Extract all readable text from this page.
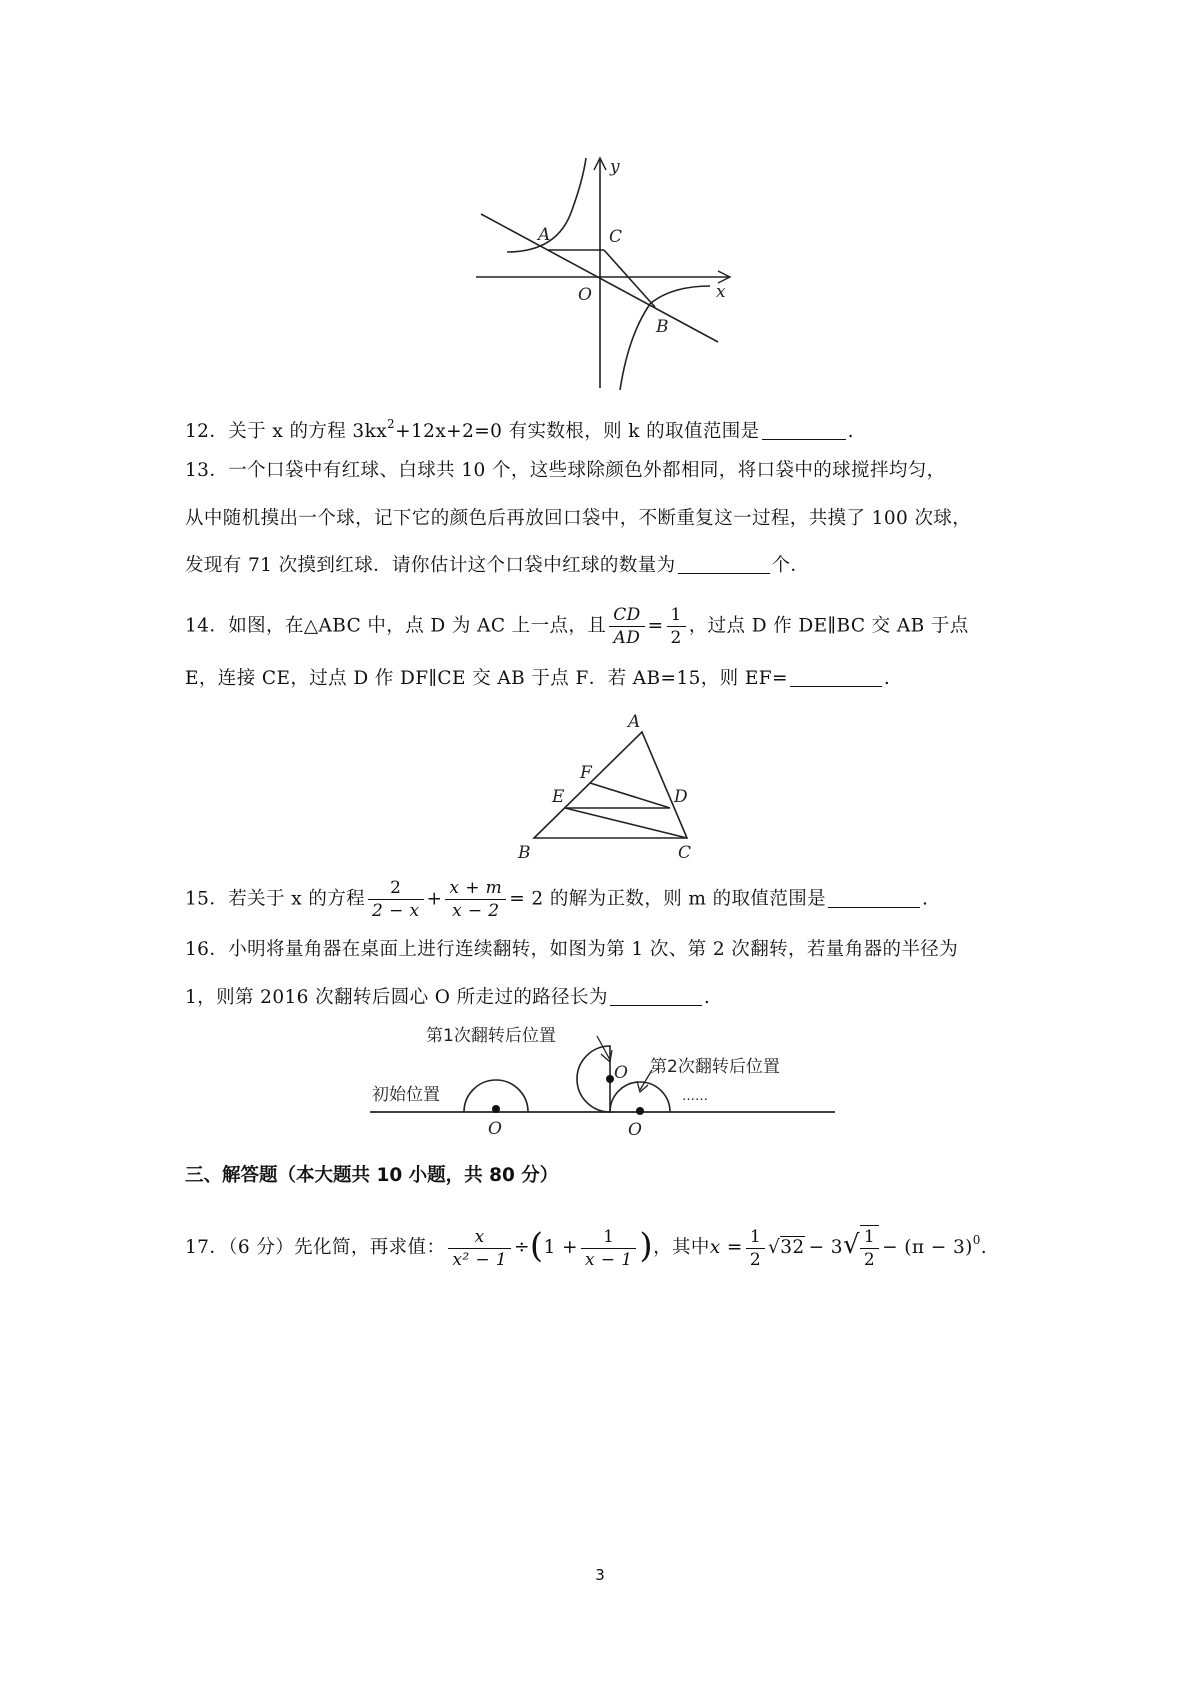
y
x
A	C
O
B
12．关于 x 的方程 $3kx^2+12x+2=0$ 有实数根，则 k 的取值范围是	.
13．一个口袋中有红球、白球共 10 个，这些球除颜色外都相同，将口袋中的球搅拌均匀，
从中随机摸出一个球，记下它的颜色后再放回口袋中，不断重复这一过程，共摸了 100 次球，
发现有 71 次摸到红球．请你估计这个口袋中红球的数量为	个．
14．如图，在△ABC 中，点 D 为 AC 上一点，且 $\frac{CD}{AD} = \frac{1}{2}$ ，过点 D 作 DE∥BC 交 AB 于点
E，连接 CE，过点 D 作 DF∥CE 交 AB 于点 F．若 AB=15，则 EF=	.
A
F
E	D
B	C
15．若关于 x 的方程 $\frac{2}{2 - x} + \frac{x + m}{x - 2} = 2$ 的解为正数，则 m 的取值范围是	.
16．小明将量角器在桌面上进行连续翻转，如图为第 1 次、第 2 次翻转，若量角器的半径为
1，则第 2016 次翻转后圆心 O 所走过的路径长为	.
第1次翻转后位置
第2次翻转后位置
初始位置
O
O
O
……
三、解答题（本大题共 10 小题，共 80 分）
17．（6 分）先化简，再求值： $\frac{x}{\text{x² − 1}} \div(1 + \frac{1}{x - 1}$ )，其中$x = \frac{1}{2} √32 - 3√ \frac{1}{2} - (\pi - 3)^0$.
3
